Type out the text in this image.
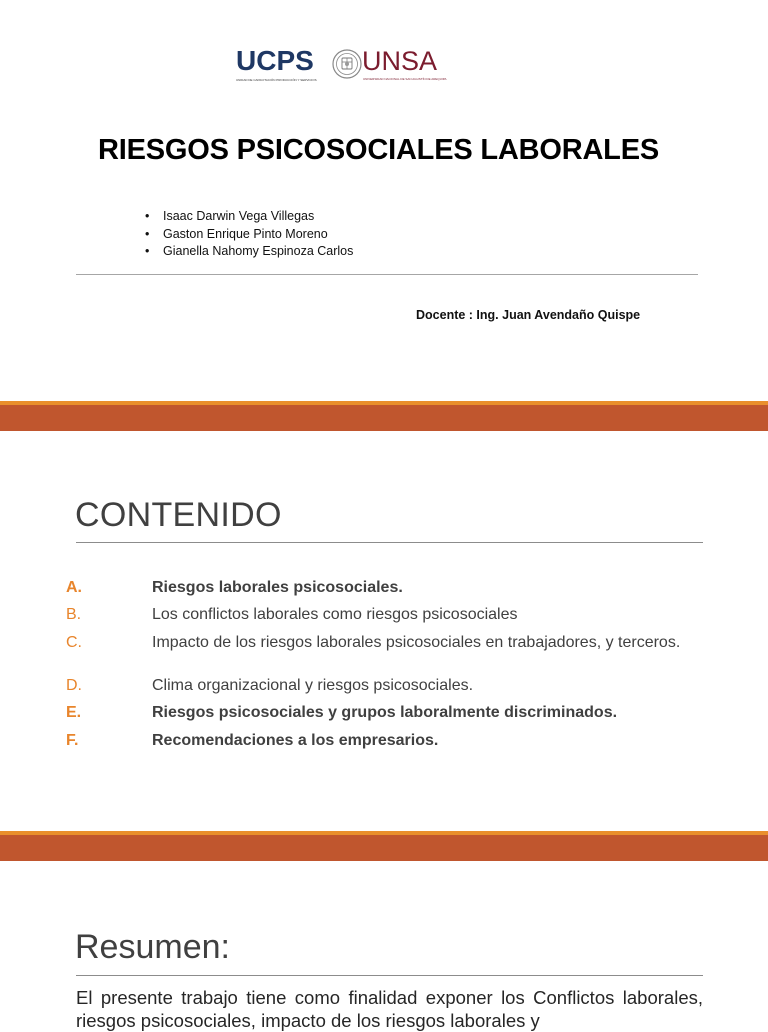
UCPS
UNIDAD DE CAPACITACIÓN PRODUCCIÓN Y SERVICIOS
UNSA
UNIVERSIDAD NACIONAL DE SAN AGUSTÍN DE AREQUIPA
RIESGOS PSICOSOCIALES LABORALES
• Isaac Darwin Vega Villegas
• Gaston Enrique Pinto Moreno
• Gianella Nahomy Espinoza Carlos
Docente : Ing. Juan Avendaño Quispe
CONTENIDO
A.	Riesgos laborales psicosociales.
B.	Los conflictos laborales como riesgos psicosociales
C.	Impacto de los riesgos laborales psicosociales en trabajadores, y terceros.
D.	Clima organizacional y riesgos psicosociales.
E.	Riesgos psicosociales y grupos laboralmente discriminados.
F.	Recomendaciones a los empresarios.
Resumen:

El presente trabajo tiene como finalidad exponer los Conflictos laborales, riesgos psicosociales, impacto de los riesgos laborales y
